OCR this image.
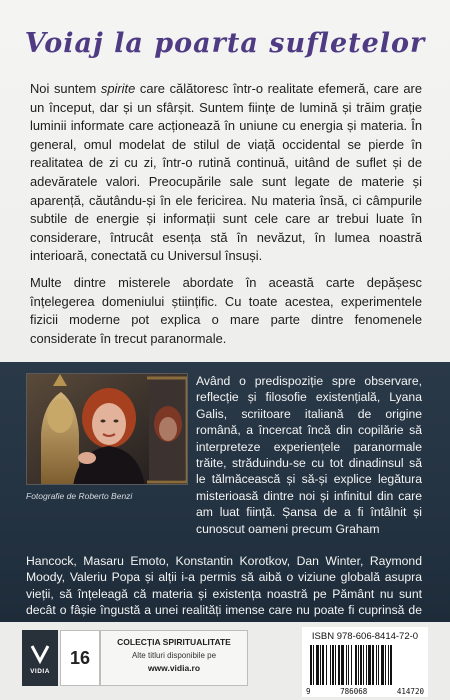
Voiaj la poarta sufletelor

Noi suntem spirite care călătoresc într-o realitate efemeră, care are un început, dar și un sfârșit. Suntem ființe de lumină și trăim grație luminii informate care acționează în uniune cu energia și materia. În general, omul modelat de stilul de viață occidental se pierde în realitatea de zi cu zi, într-o rutină continuă, uitând de suflet și de adevăratele valori. Preocupările sale sunt legate de materie și aparență, căutându-și în ele fericirea. Nu materia însă, ci câmpurile subtile de energie și informații sunt cele care ar trebui luate în considerare, întrucât esența stă în nevăzut, în lumea noastră interioară, conectată cu Universul însuși.

Multe dintre misterele abordate în această carte depășesc înțelegerea domeniului științific. Cu toate acestea, experimentele fizicii moderne pot explica o mare parte dintre fenomenele considerate în trecut paranormale.

Fotografie de Roberto Benzi

Având o predispoziție spre observare, reflecție și filosofie existențială, Lyana Galis, scriitoare italiană de origine română, a încercat încă din copilărie să interpreteze experiențele paranormale trăite, străduindu-se cu tot dinadinsul să le tălmăcească și să-și explice legătura misterioasă dintre noi și infinitul din care am luat ființă. Șansa de a fi întâlnit și cunoscut oameni precum Graham

Hancock, Masaru Emoto, Konstantin Korotkov, Dan Winter, Raymond Moody, Valeriu Popa și alții i-a permis să aibă o viziune globală asupra vieții, să înțeleagă că materia și existența noastră pe Pământ nu sunt decât o fâșie îngustă a unei realități imense care nu poate fi cuprinsă de

VIDIA
16
COLECȚIA SPIRITUALITATE
Alte titluri disponibile pe
www.vidia.ro
ISBN 978-606-8414-72-0
9	786068	414720
